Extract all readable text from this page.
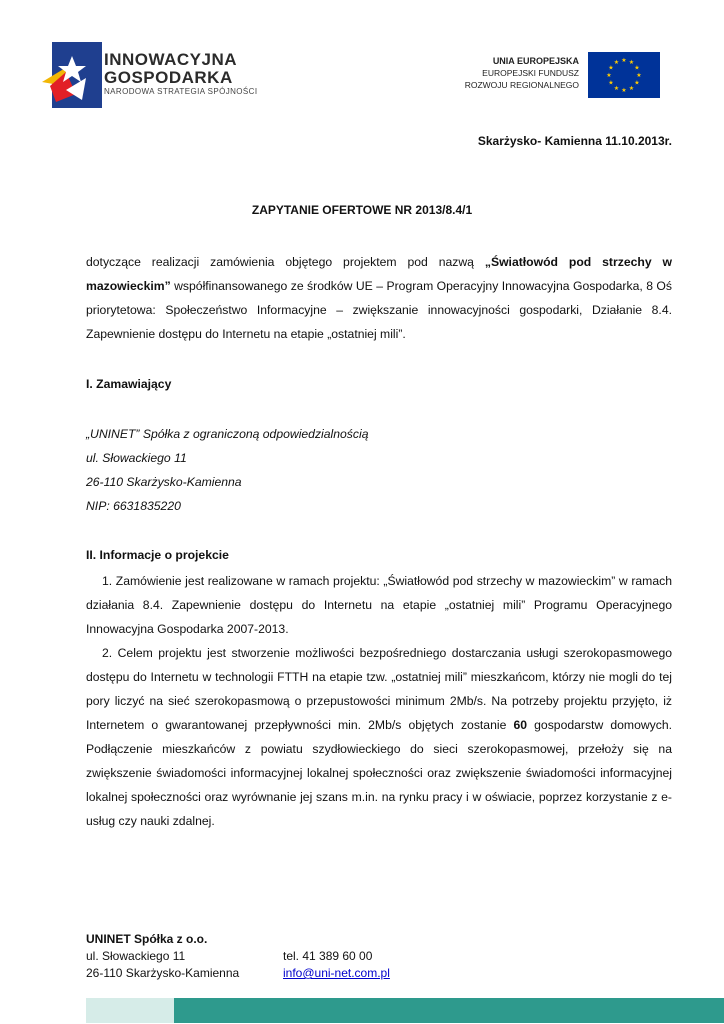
INNOWACYJNA
GOSPODARKA
NARODOWA STRATEGIA SPÓJNOŚCI
UNIA EUROPEJSKA
EUROPEJSKI FUNDUSZ
ROZWOJU REGIONALNEGO
★ ★
★
★
★
★
★
★
★
★
★
★
Skarżysko- Kamienna 11.10.2013r.
ZAPYTANIE OFERTOWE NR 2013/8.4/1
dotyczące realizacji zamówienia objętego projektem pod nazwą „Światłowód pod strzechy w mazowieckim” współfinansowanego ze środków UE – Program Operacyjny Innowacyjna Gospodarka, 8 Oś priorytetowa: Społeczeństwo Informacyjne – zwiększanie innowacyjności gospodarki, Działanie 8.4. Zapewnienie dostępu do Internetu na etapie „ostatniej mili”.
I. Zamawiający
„UNINET” Spółka z ograniczoną odpowiedzialnością
ul. Słowackiego 11
26-110 Skarżysko-Kamienna
NIP: 6631835220
II. Informacje o projekcie
1. Zamówienie jest realizowane w ramach projektu: „Światłowód pod strzechy w mazowieckim” w ramach działania 8.4. Zapewnienie dostępu do Internetu na etapie „ostatniej mili” Programu Operacyjnego Innowacyjna Gospodarka 2007-2013.
2. Celem projektu jest stworzenie możliwości bezpośredniego dostarczania usługi szerokopasmowego dostępu do Internetu w technologii FTTH na etapie tzw. „ostatniej mili” mieszkańcom, którzy nie mogli do tej pory liczyć na sieć szerokopasmową o przepustowości minimum 2Mb/s. Na potrzeby projektu przyjęto, iż Internetem o gwarantowanej przepływności min. 2Mb/s objętych zostanie 60 gospodarstw domowych. Podłączenie mieszkańców z powiatu szydłowieckiego do sieci szerokopasmowej, przełoży się na zwiększenie świadomości informacyjnej lokalnej społeczności oraz zwiększenie świadomości informacyjnej lokalnej społeczności oraz wyrównanie jej szans m.in. na rynku pracy i w oświacie, poprzez korzystanie z e-usług czy nauki zdalnej.
UNINET Spółka z o.o.
ul. Słowackiego 11
26-110 Skarżysko-Kamienna
tel. 41 389 60 00
info@uni-net.com.pl
